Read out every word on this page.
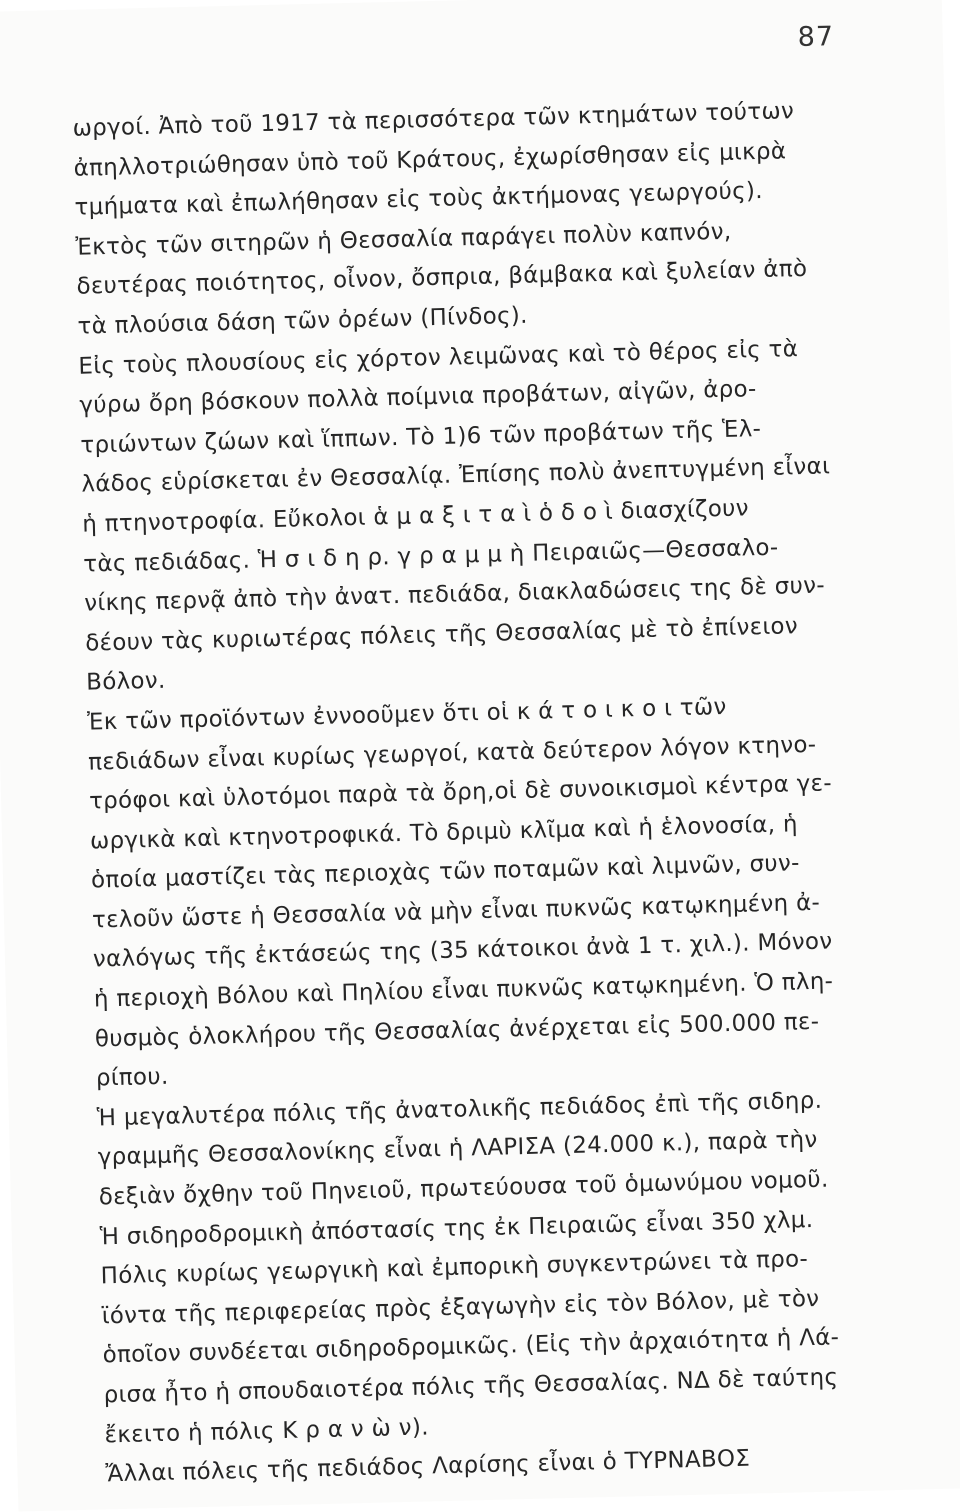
87
ωργοί. Ἀπὸ τοῦ 1917 τὰ περισσότερα τῶν κτημάτων τούτων
ἀπηλλοτριώθησαν ὑπὸ τοῦ Κράτους, ἐχωρίσθησαν εἰς μικρὰ
τμήματα καὶ ἐπωλήθησαν εἰς τοὺς ἀκτήμονας γεωργούς).
Ἐκτὸς τῶν σιτηρῶν ἡ Θεσσαλία παράγει πολὺν καπνόν,
δευτέρας ποιότητος, οἶνον, ὄσπρια, βάμβακα καὶ ξυλείαν ἀπὸ
τὰ πλούσια δάση τῶν ὀρέων (Πίνδος).
Εἰς τοὺς πλουσίους εἰς χόρτον λειμῶνας καὶ τὸ θέρος εἰς τὰ
γύρω ὄρη βόσκουν πολλὰ ποίμνια προβάτων, αἰγῶν, ἀρο-
τριώντων ζώων καὶ ἵππων. Τὸ 1)6 τῶν προβάτων τῆς Ἑλ-
λάδος εὑρίσκεται ἐν Θεσσαλίᾳ. Ἐπίσης πολὺ ἀνεπτυγμένη εἶναι
ἡ πτηνοτροφία. Εὔκολοι ἁ μ α ξ ι τ α ὶ ὁ δ ο ὶ διασχίζουν
τὰς πεδιάδας. Ἡ σ ι δ η ρ. γ ρ α μ μ ὴ Πειραιῶς—Θεσσαλο-
νίκης περνᾷ ἀπὸ τὴν ἀνατ. πεδιάδα, διακλαδώσεις της δὲ συν-
δέουν τὰς κυριωτέρας πόλεις τῆς Θεσσαλίας μὲ τὸ ἐπίνειον
Βόλον.
Ἐκ τῶν προϊόντων ἐννοοῦμεν ὅτι οἱ κ ά τ ο ι κ ο ι τῶν
πεδιάδων εἶναι κυρίως γεωργοί, κατὰ δεύτερον λόγον κτηνο-
τρόφοι καὶ ὑλοτόμοι παρὰ τὰ ὄρη,οἱ δὲ συνοικισμοὶ κέντρα γε-
ωργικὰ καὶ κτηνοτροφικά. Τὸ δριμὺ κλῖμα καὶ ἡ ἑλονοσία, ἡ
ὁποία μαστίζει τὰς περιοχὰς τῶν ποταμῶν καὶ λιμνῶν, συν-
τελοῦν ὥστε ἡ Θεσσαλία νὰ μὴν εἶναι πυκνῶς κατῳκημένη ἀ-
ναλόγως τῆς ἐκτάσεώς της (35 κάτοικοι ἀνὰ 1 τ. χιλ.). Μόνον
ἡ περιοχὴ Βόλου καὶ Πηλίου εἶναι πυκνῶς κατῳκημένη. Ὁ πλη-
θυσμὸς ὁλοκλήρου τῆς Θεσσαλίας ἀνέρχεται εἰς 500.000 πε-
ρίπου.
Ἡ μεγαλυτέρα πόλις τῆς ἀνατολικῆς πεδιάδος ἐπὶ τῆς σιδηρ.
γραμμῆς Θεσσαλονίκης εἶναι ἡ ΛΑΡΙΣΑ (24.000 κ.), παρὰ τὴν
δεξιὰν ὄχθην τοῦ Πηνειοῦ, πρωτεύουσα τοῦ ὁμωνύμου νομοῦ.
Ἡ σιδηροδρομικὴ ἀπόστασίς της ἐκ Πειραιῶς εἶναι 350 χλμ.
Πόλις κυρίως γεωργικὴ καὶ ἐμπορικὴ συγκεντρώνει τὰ προ-
ϊόντα τῆς περιφερείας πρὸς ἐξαγωγὴν εἰς τὸν Βόλον, μὲ τὸν
ὁποῖον συνδέεται σιδηροδρομικῶς. (Εἰς τὴν ἀρχαιότητα ἡ Λά-
ρισα ἦτο ἡ σπουδαιοτέρα πόλις τῆς Θεσσαλίας. ΝΔ δὲ ταύτης
ἔκειτο ἡ πόλις Κ ρ α ν ὼ ν).
Ἄλλαι πόλεις τῆς πεδιάδος Λαρίσης εἶναι ὁ ΤΥΡΝΑΒΟΣ
